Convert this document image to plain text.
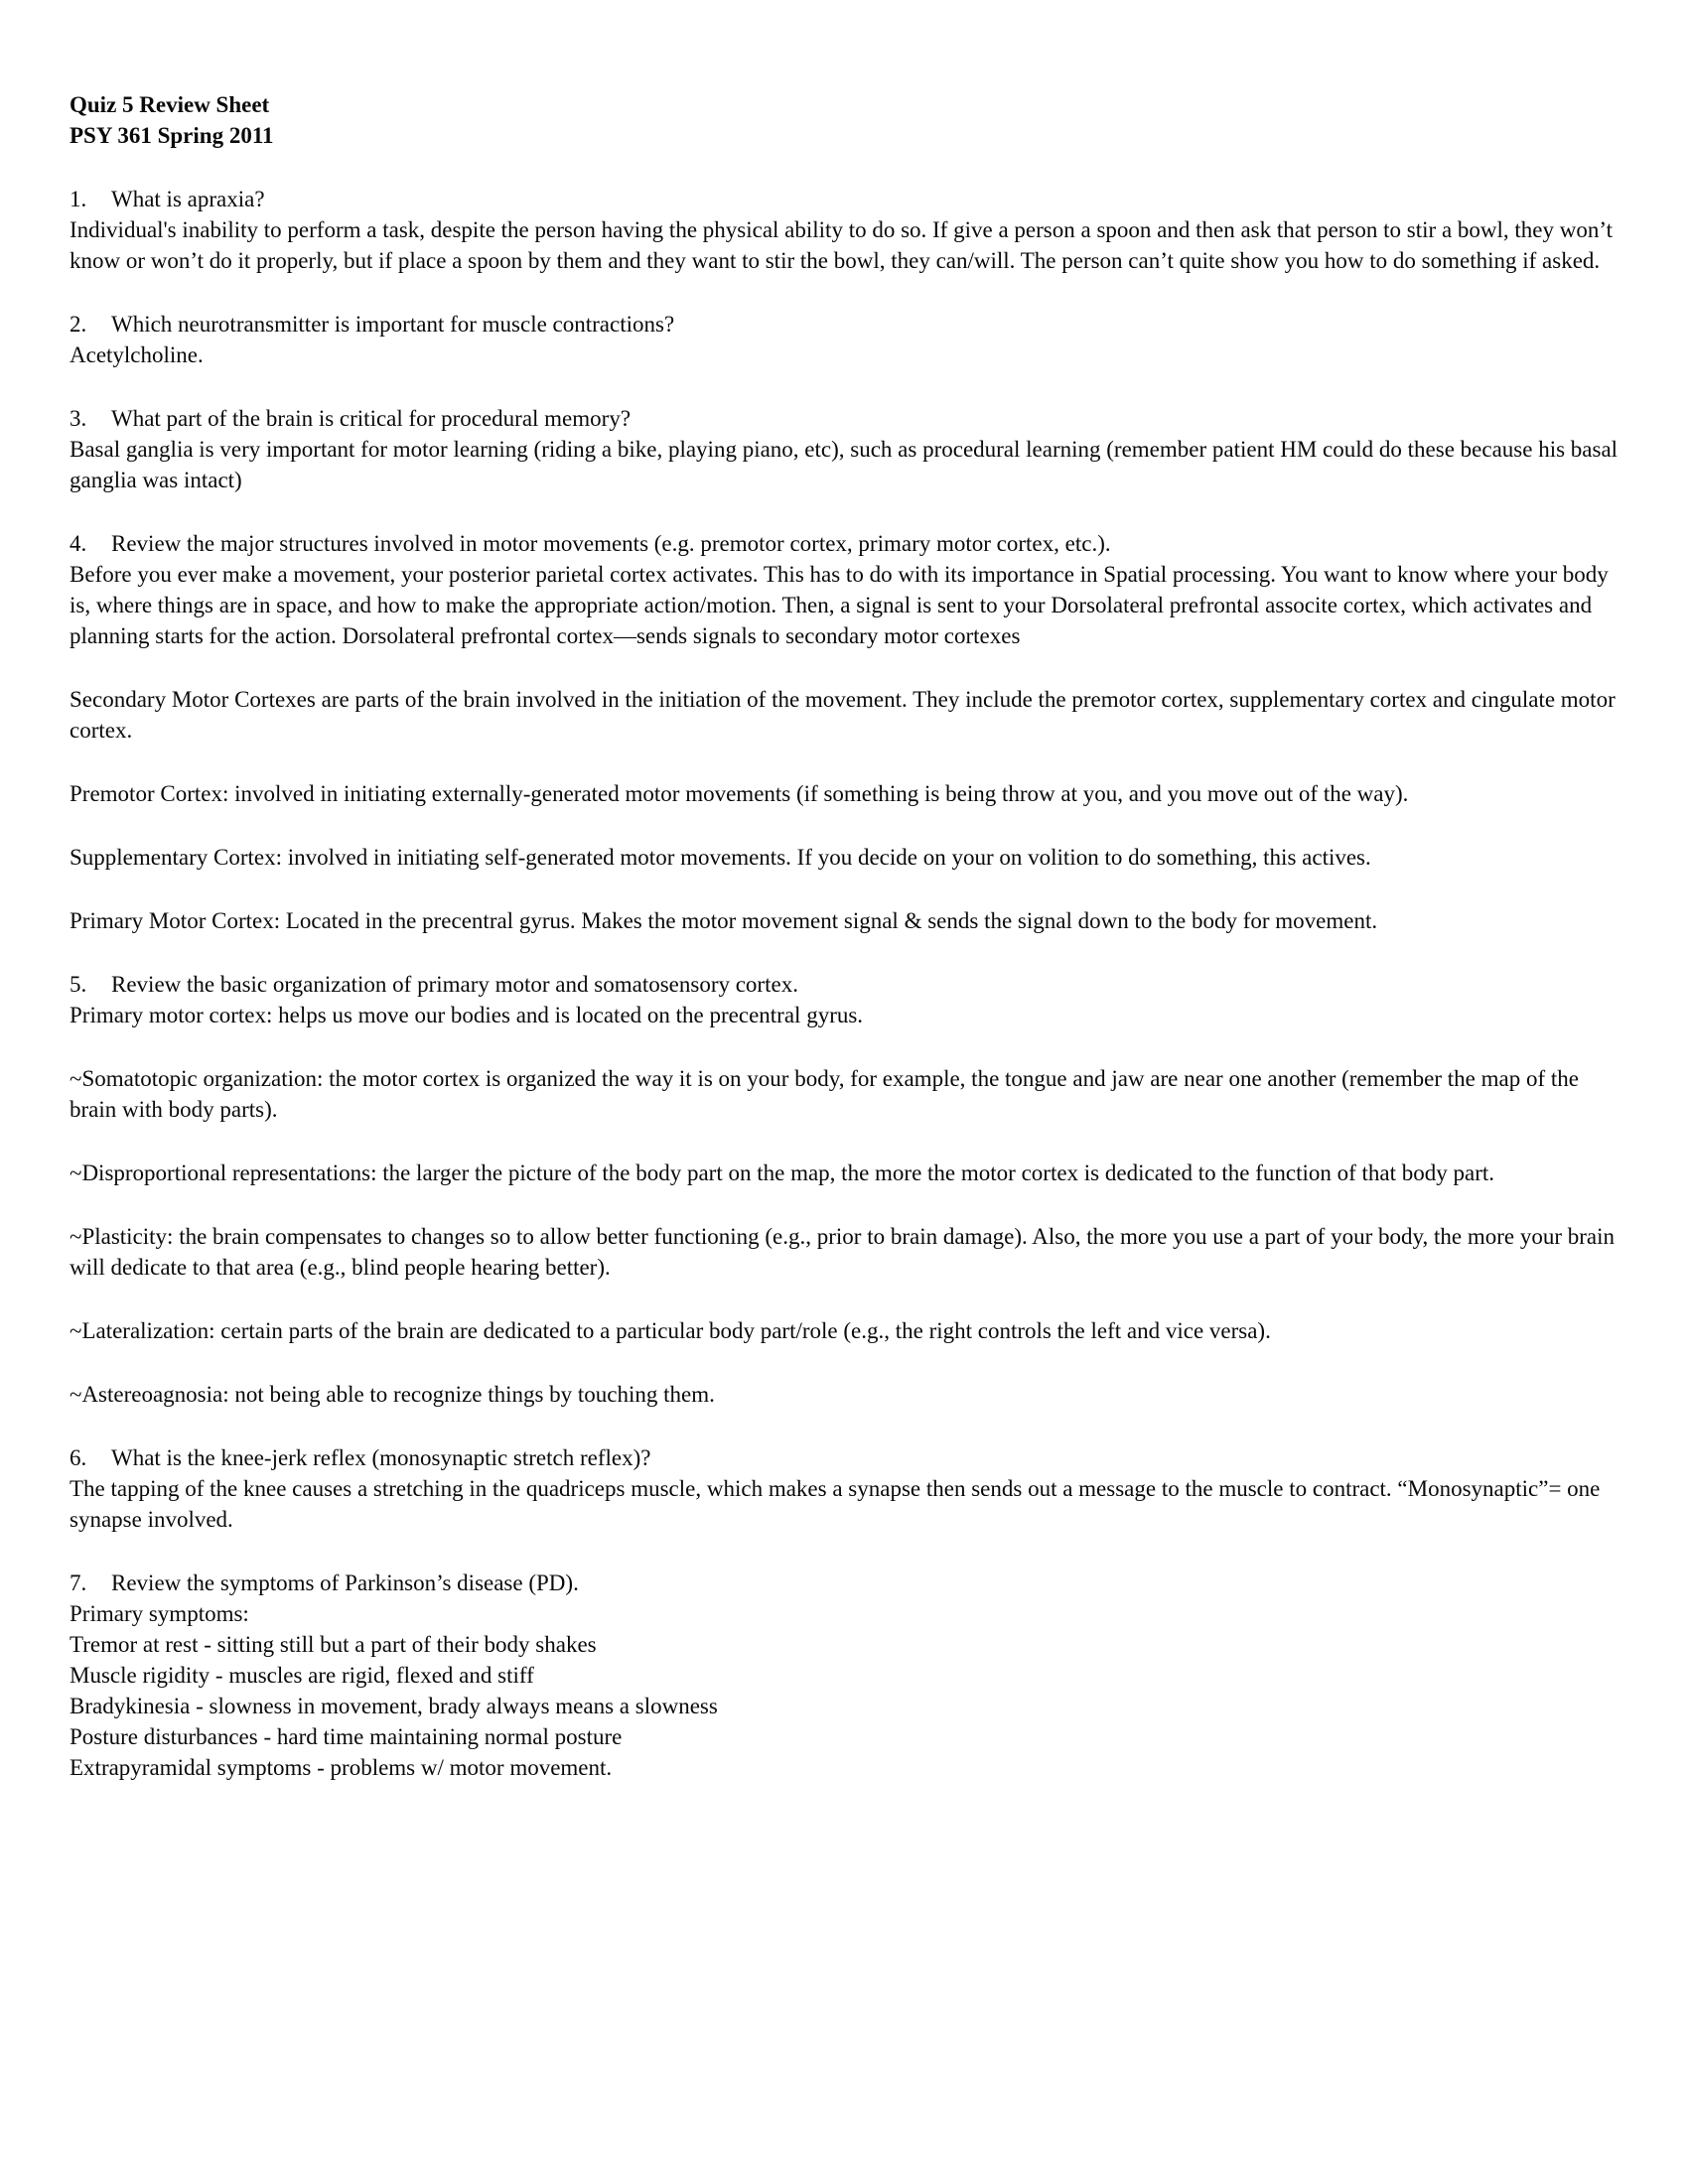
Quiz 5 Review Sheet

PSY 361 Spring 2011

1. What is apraxia?

Individual's inability to perform a task, despite the person having the physical ability to do so. If give a person a spoon and then ask that person to stir a bowl, they won’t know or won’t do it properly, but if place a spoon by them and they want to stir the bowl, they can/will. The person can’t quite show you how to do something if asked.

2. Which neurotransmitter is important for muscle contractions?

Acetylcholine.

3. What part of the brain is critical for procedural memory?

Basal ganglia is very important for motor learning (riding a bike, playing piano, etc), such as procedural learning (remember patient HM could do these because his basal ganglia was intact)

4. Review the major structures involved in motor movements (e.g. premotor cortex, primary motor cortex, etc.).

Before you ever make a movement, your posterior parietal cortex activates. This has to do with its importance in Spatial processing. You want to know where your body is, where things are in space, and how to make the appropriate action/motion. Then, a signal is sent to your Dorsolateral prefrontal associte cortex, which activates and planning starts for the action. Dorsolateral prefrontal cortex—sends signals to secondary motor cortexes

Secondary Motor Cortexes are parts of the brain involved in the initiation of the movement. They include the premotor cortex, supplementary cortex and cingulate motor cortex.

Premotor Cortex: involved in initiating externally-generated motor movements (if something is being throw at you, and you move out of the way).

Supplementary Cortex: involved in initiating self-generated motor movements. If you decide on your on volition to do something, this actives.

Primary Motor Cortex: Located in the precentral gyrus. Makes the motor movement signal & sends the signal down to the body for movement.

5. Review the basic organization of primary motor and somatosensory cortex.

Primary motor cortex: helps us move our bodies and is located on the precentral gyrus.

~Somatotopic organization: the motor cortex is organized the way it is on your body, for example, the tongue and jaw are near one another (remember the map of the brain with body parts).

~Disproportional representations: the larger the picture of the body part on the map, the more the motor cortex is dedicated to the function of that body part.

~Plasticity: the brain compensates to changes so to allow better functioning (e.g., prior to brain damage). Also, the more you use a part of your body, the more your brain will dedicate to that area (e.g., blind people hearing better).

~Lateralization: certain parts of the brain are dedicated to a particular body part/role (e.g., the right controls the left and vice versa).

~Astereoagnosia: not being able to recognize things by touching them.

6. What is the knee-jerk reflex (monosynaptic stretch reflex)?

The tapping of the knee causes a stretching in the quadriceps muscle, which makes a synapse then sends out a message to the muscle to contract. “Monosynaptic”= one synapse involved.

7. Review the symptoms of Parkinson’s disease (PD).
Primary symptoms:
Tremor at rest - sitting still but a part of their body shakes
Muscle rigidity - muscles are rigid, flexed and stiff
Bradykinesia - slowness in movement, brady always means a slowness
Posture disturbances - hard time maintaining normal posture
Extrapyramidal symptoms - problems w/ motor movement.
